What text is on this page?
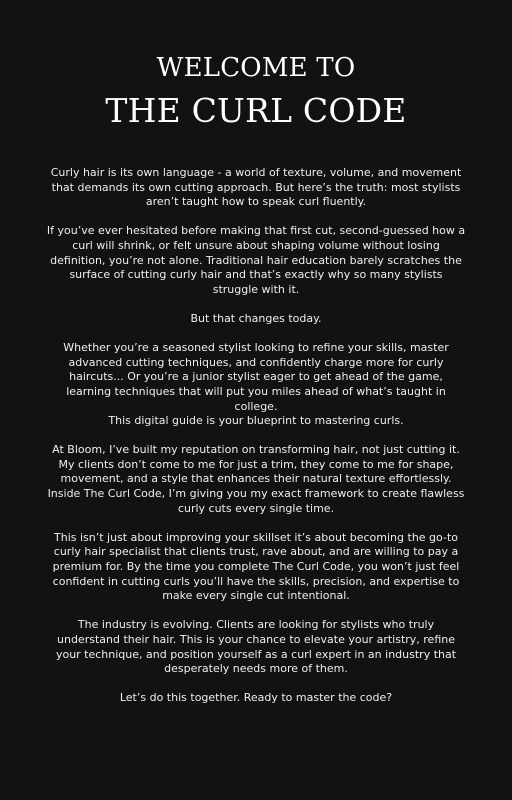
WELCOME TO
THE CURL CODE

Curly hair is its own language - a world of texture, volume, and movement that demands its own cutting approach. But here’s the truth: most stylists aren’t taught how to speak curl fluently.

If you’ve ever hesitated before making that first cut, second-guessed how a curl will shrink, or felt unsure about shaping volume without losing definition, you’re not alone. Traditional hair education barely scratches the surface of cutting curly hair and that’s exactly why so many stylists struggle with it.

But that changes today.

Whether you’re a seasoned stylist looking to refine your skills, master advanced cutting techniques, and confidently charge more for curly haircuts... Or you’re a junior stylist eager to get ahead of the game, learning techniques that will put you miles ahead of what’s taught in college.

This digital guide is your blueprint to mastering curls.

At Bloom, I’ve built my reputation on transforming hair, not just cutting it. My clients don’t come to me for just a trim, they come to me for shape, movement, and a style that enhances their natural texture effortlessly.

Inside The Curl Code, I’m giving you my exact framework to create flawless curly cuts every single time.

This isn’t just about improving your skillset it’s about becoming the go-to curly hair specialist that clients trust, rave about, and are willing to pay a premium for. By the time you complete The Curl Code, you won’t just feel confident in cutting curls you’ll have the skills, precision, and expertise to make every single cut intentional.

The industry is evolving. Clients are looking for stylists who truly understand their hair. This is your chance to elevate your artistry, refine your technique, and position yourself as a curl expert in an industry that desperately needs more of them.

Let’s do this together. Ready to master the code?
